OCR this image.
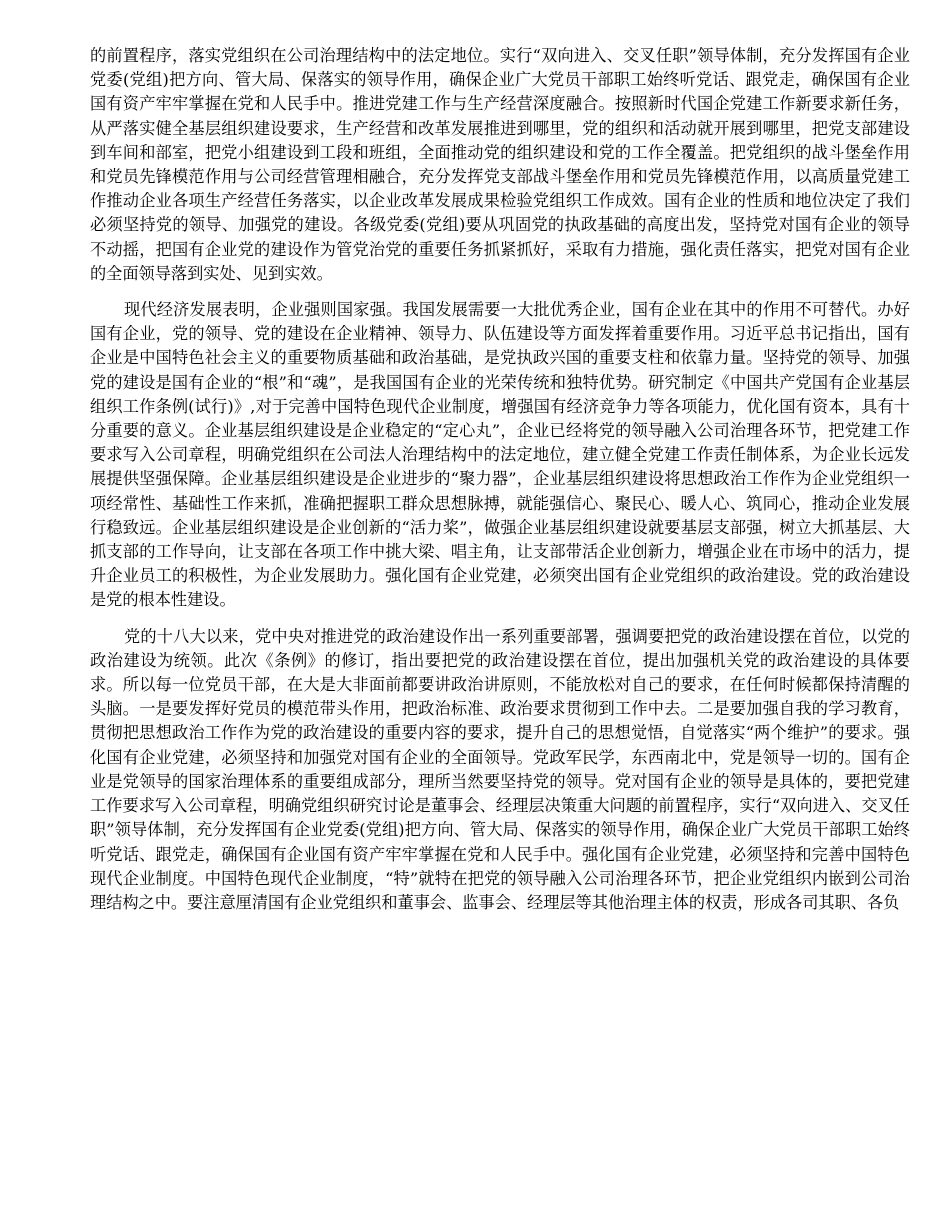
的前置程序，落实党组织在公司治理结构中的法定地位。实行“双向进入、交叉任职”领导体制，充分发挥国有企业党委(党组)把方向、管大局、保落实的领导作用，确保企业广大党员干部职工始终听党话、跟党走，确保国有企业国有资产牢牢掌握在党和人民手中。推进党建工作与生产经营深度融合。按照新时代国企党建工作新要求新任务，从严落实健全基层组织建设要求，生产经营和改革发展推进到哪里，党的组织和活动就开展到哪里，把党支部建设到车间和部室，把党小组建设到工段和班组，全面推动党的组织建设和党的工作全覆盖。把党组织的战斗堡垒作用和党员先锋模范作用与公司经营管理相融合，充分发挥党支部战斗堡垒作用和党员先锋模范作用，以高质量党建工作推动企业各项生产经营任务落实，以企业改革发展成果检验党组织工作成效。国有企业的性质和地位决定了我们必须坚持党的领导、加强党的建设。各级党委(党组)要从巩固党的执政基础的高度出发，坚持党对国有企业的领导不动摇，把国有企业党的建设作为管党治党的重要任务抓紧抓好，采取有力措施，强化责任落实，把党对国有企业的全面领导落到实处、见到实效。

现代经济发展表明，企业强则国家强。我国发展需要一大批优秀企业，国有企业在其中的作用不可替代。办好国有企业，党的领导、党的建设在企业精神、领导力、队伍建设等方面发挥着重要作用。习近平总书记指出，国有企业是中国特色社会主义的重要物质基础和政治基础，是党执政兴国的重要支柱和依靠力量。坚持党的领导、加强党的建设是国有企业的“根”和“魂”，是我国国有企业的光荣传统和独特优势。研究制定《中国共产党国有企业基层组织工作条例(试行)》,对于完善中国特色现代企业制度，增强国有经济竞争力等各项能力，优化国有资本，具有十分重要的意义。企业基层组织建设是企业稳定的“定心丸”，企业已经将党的领导融入公司治理各环节，把党建工作要求写入公司章程，明确党组织在公司法人治理结构中的法定地位，建立健全党建工作责任制体系，为企业长远发展提供坚强保障。企业基层组织建设是企业进步的“聚力器”，企业基层组织建设将思想政治工作作为企业党组织一项经常性、基础性工作来抓，准确把握职工群众思想脉搏，就能强信心、聚民心、暖人心、筑同心，推动企业发展行稳致远。企业基层组织建设是企业创新的“活力桨”，做强企业基层组织建设就要基层支部强，树立大抓基层、大抓支部的工作导向，让支部在各项工作中挑大梁、唱主角，让支部带活企业创新力，增强企业在市场中的活力，提升企业员工的积极性，为企业发展助力。强化国有企业党建，必须突出国有企业党组织的政治建设。党的政治建设是党的根本性建设。

党的十八大以来，党中央对推进党的政治建设作出一系列重要部署，强调要把党的政治建设摆在首位，以党的政治建设为统领。此次《条例》的修订，指出要把党的政治建设摆在首位，提出加强机关党的政治建设的具体要求。所以每一位党员干部，在大是大非面前都要讲政治讲原则，不能放松对自己的要求，在任何时候都保持清醒的头脑。一是要发挥好党员的模范带头作用，把政治标准、政治要求贯彻到工作中去。二是要加强自我的学习教育，贯彻把思想政治工作作为党的政治建设的重要内容的要求，提升自己的思想觉悟，自觉落实“两个维护”的要求。强化国有企业党建，必须坚持和加强党对国有企业的全面领导。党政军民学，东西南北中，党是领导一切的。国有企业是党领导的国家治理体系的重要组成部分，理所当然要坚持党的领导。党对国有企业的领导是具体的，要把党建工作要求写入公司章程，明确党组织研究讨论是董事会、经理层决策重大问题的前置程序，实行“双向进入、交叉任职”领导体制，充分发挥国有企业党委(党组)把方向、管大局、保落实的领导作用，确保企业广大党员干部职工始终听党话、跟党走，确保国有企业国有资产牢牢掌握在党和人民手中。强化国有企业党建，必须坚持和完善中国特色现代企业制度。中国特色现代企业制度，“特”就特在把党的领导融入公司治理各环节，把企业党组织内嵌到公司治理结构之中。要注意厘清国有企业党组织和董事会、监事会、经理层等其他治理主体的权责，形成各司其职、各负
